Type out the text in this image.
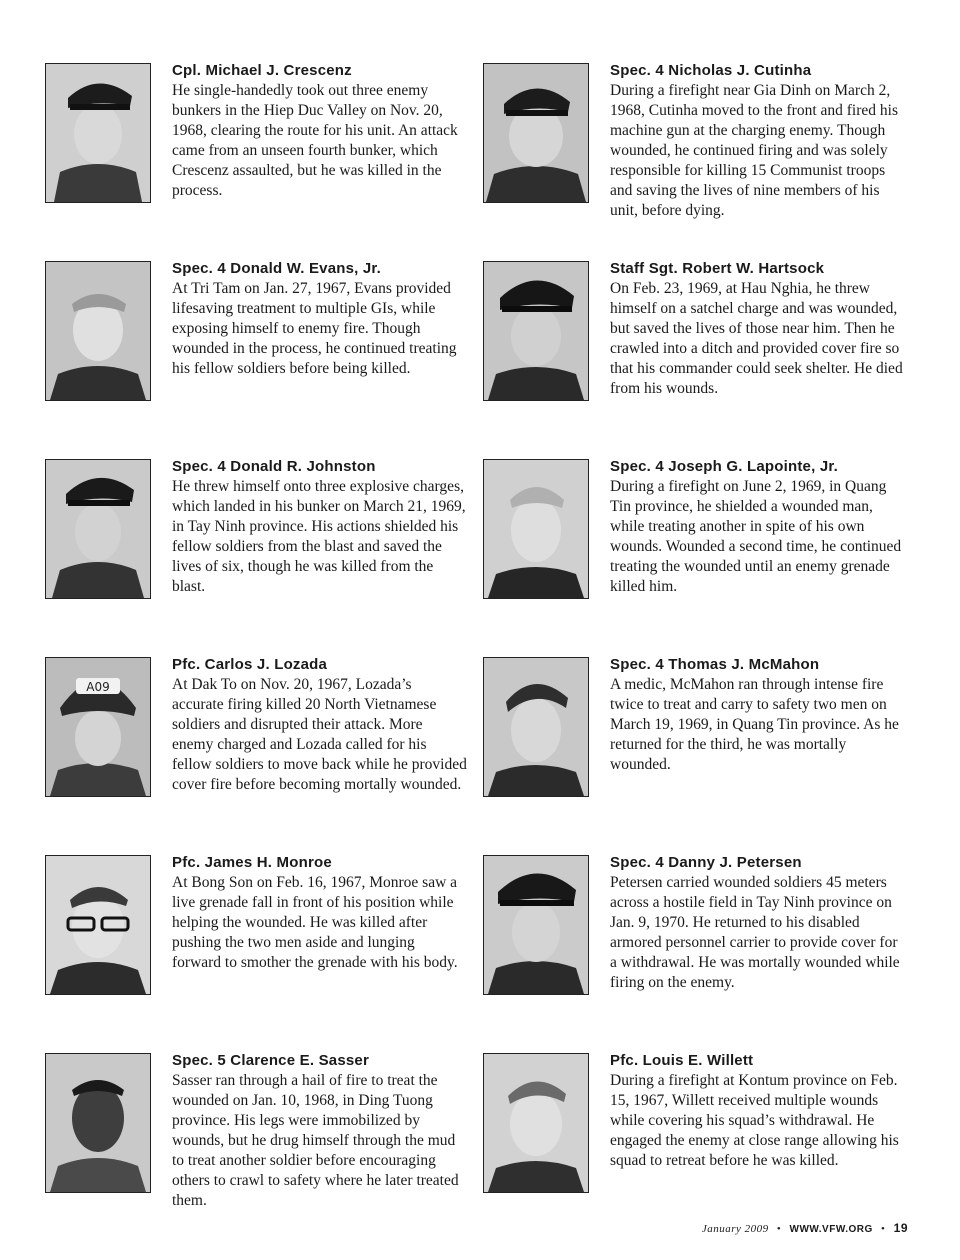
Cpl. Michael J. Crescenz

He single-handedly took out three enemy bunkers in the Hiep Duc Valley on Nov. 20, 1968, clearing the route for his unit. An attack came from an unseen fourth bunker, which Crescenz assaulted, but he was killed in the process.

Spec. 4 Donald W. Evans, Jr.

At Tri Tam on Jan. 27, 1967, Evans provided lifesaving treatment to multiple GIs, while exposing himself to enemy fire. Though wounded in the process, he continued treating his fellow soldiers before being killed.

Spec. 4 Donald R. Johnston

He threw himself onto three explosive charges, which landed in his bunker on March 21, 1969, in Tay Ninh province. His actions shielded his fellow soldiers from the blast and saved the lives of six, though he was killed from the blast.

A09
Pfc. Carlos J. Lozada

At Dak To on Nov. 20, 1967, Lozada’s accurate firing killed 20 North Vietnamese soldiers and disrupted their attack. More enemy charged and Lozada called for his fellow soldiers to move back while he provided cover fire before becoming mortally wounded.

Pfc. James H. Monroe

At Bong Son on Feb. 16, 1967, Monroe saw a live grenade fall in front of his position while helping the wounded. He was killed after pushing the two men aside and lunging forward to smother the grenade with his body.

Spec. 5 Clarence E. Sasser

Sasser ran through a hail of fire to treat the wounded on Jan. 10, 1968, in Ding Tuong province. His legs were immobilized by wounds, but he drug himself through the mud to treat another soldier before encouraging others to crawl to safety where he later treated them.

Spec. 4 Nicholas J. Cutinha

During a firefight near Gia Dinh on March 2, 1968, Cutinha moved to the front and fired his machine gun at the charging enemy. Though wounded, he continued firing and was solely responsible for killing 15 Communist troops and saving the lives of nine members of his unit, before dying.

Staff Sgt. Robert W. Hartsock

On Feb. 23, 1969, at Hau Nghia, he threw himself on a satchel charge and was wounded, but saved the lives of those near him. Then he crawled into a ditch and provided cover fire so that his commander could seek shelter. He died from his wounds.

Spec. 4 Joseph G. Lapointe, Jr.

During a firefight on June 2, 1969, in Quang Tin province, he shielded a wounded man, while treating another in spite of his own wounds. Wounded a second time, he continued treating the wounded until an enemy grenade killed him.

Spec. 4 Thomas J. McMahon

A medic, McMahon ran through intense fire twice to treat and carry to safety two men on March 19, 1969, in Quang Tin province. As he returned for the third, he was mortally wounded.

Spec. 4 Danny J. Petersen

Petersen carried wounded soldiers 45 meters across a hostile field in Tay Ninh province on Jan. 9, 1970. He returned to his disabled armored personnel carrier to provide cover for a withdrawal. He was mortally wounded while firing on the enemy.

Pfc. Louis E. Willett

During a firefight at Kontum province on Feb. 15, 1967, Willett received multiple wounds while covering his squad’s withdrawal. He engaged the enemy at close range allowing his squad to retreat before he was killed.

January 2009 • WWW.VFW.ORG • 19
